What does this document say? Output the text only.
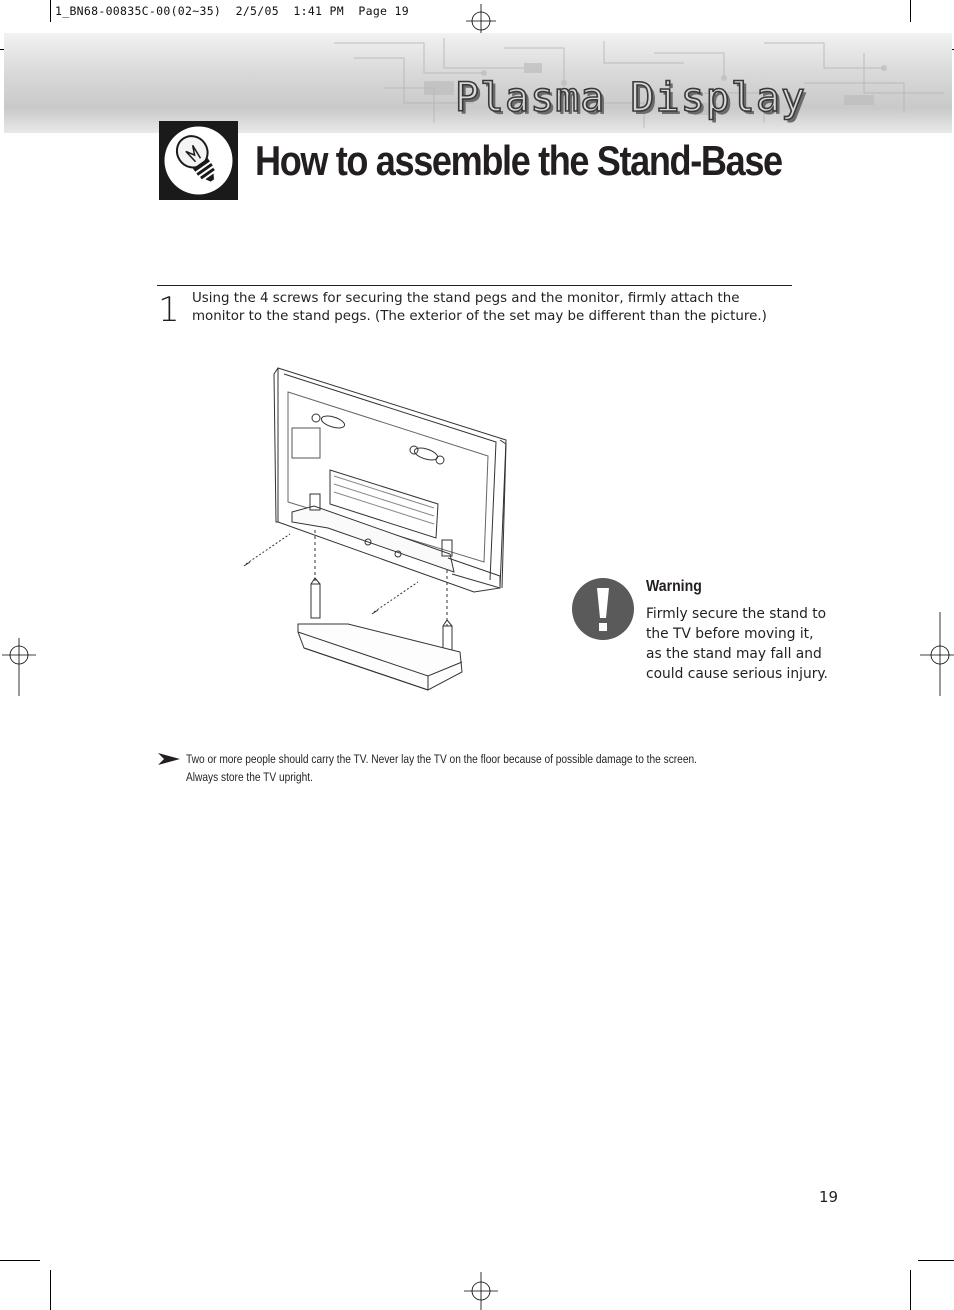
1_BN68-00835C-00(02~35)  2/5/05  1:41 PM  Page 19
Plasma Display
How to assemble the Stand-Base
1 Using the 4 screws for securing the stand pegs and the monitor, firmly attach the monitor to the stand pegs. (The exterior of the set may be different than the picture.)
Warning
Firmly secure the stand to
the TV before moving it,
as the stand may fall and
could cause serious injury.
Two or more people should carry the TV. Never lay the TV on the floor because of possible damage to the screen.
Always store the TV upright.
19
